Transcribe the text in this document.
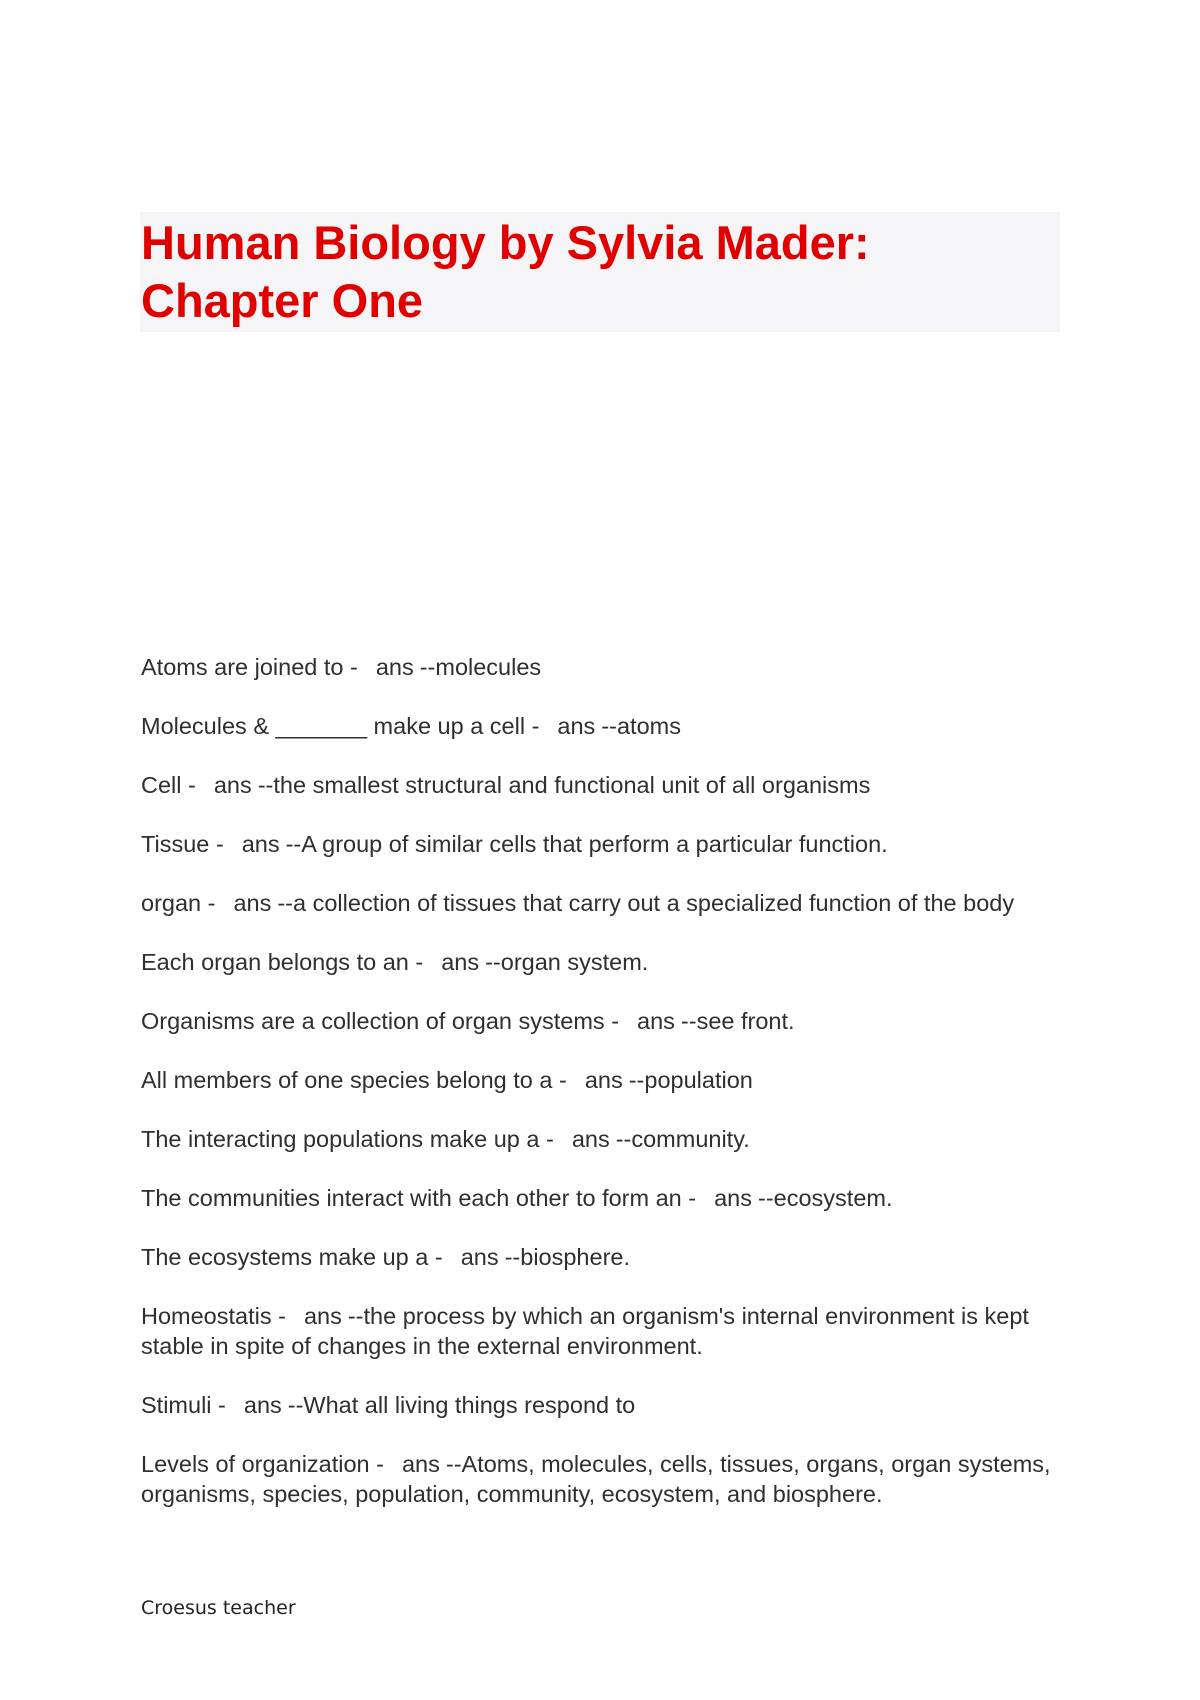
Human Biology by Sylvia Mader:
Chapter One
Atoms are joined to - ans --molecules
Molecules & _______ make up a cell - ans --atoms
Cell - ans --the smallest structural and functional unit of all organisms
Tissue - ans --A group of similar cells that perform a particular function.
organ - ans --a collection of tissues that carry out a specialized function of the body
Each organ belongs to an - ans --organ system.
Organisms are a collection of organ systems - ans --see front.
All members of one species belong to a - ans --population
The interacting populations make up a - ans --community.
The communities interact with each other to form an - ans --ecosystem.
The ecosystems make up a - ans --biosphere.
Homeostatis - ans --the process by which an organism's internal environment is kept stable in spite of changes in the external environment.
Stimuli - ans --What all living things respond to
Levels of organization - ans --Atoms, molecules, cells, tissues, organs, organ systems, organisms, species, population, community, ecosystem, and biosphere.
Croesus teacher
